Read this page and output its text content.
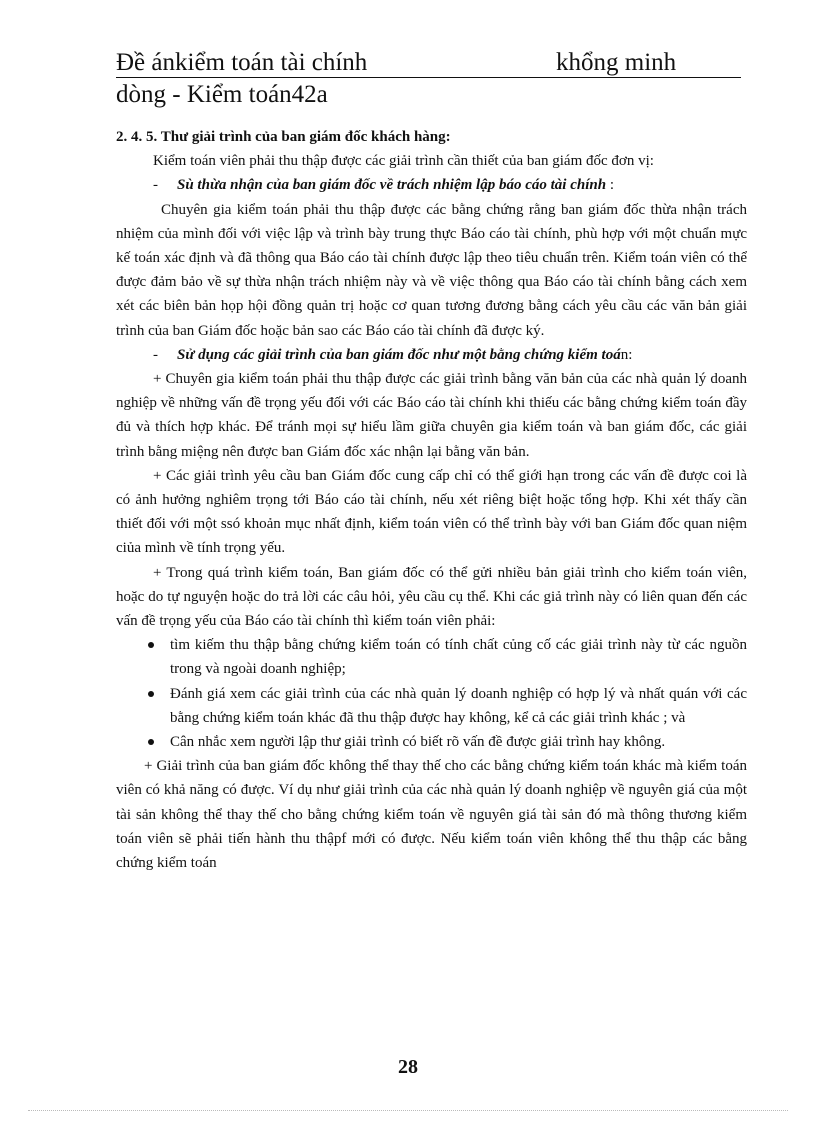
Đề ánkiểm toán tài chính	khổng minh
dòng - Kiểm toán42a

2. 4. 5. Thư giải trình của ban giám đốc khách hàng:

Kiểm toán viên phải thu thập được các giải trình cần thiết của ban giám đốc đơn vị:

- Sù thừa nhận của ban giám đốc về trách nhiệm lập báo cáo tài chính :

Chuyên gia kiểm toán phải thu thập được các bằng chứng rằng ban giám đốc thừa nhận trách nhiệm của mình đối với việc lập và trình bày trung thực Báo cáo tài chính, phù hợp với một chuẩn mực kế toán xác định và đã thông qua Báo cáo tài chính được lập theo tiêu chuẩn trên. Kiểm toán viên có thể được đảm bảo về sự thừa nhận trách nhiệm này và về việc thông qua Báo cáo tài chính bằng cách xem xét các biên bản họp hội đồng quản trị hoặc cơ quan tương đương bằng cách yêu cầu các văn bản giải trình của ban Giám đốc hoặc bản sao các Báo cáo tài chính đã được ký.

- Sử dụng các giải trình của ban giám đốc như một bằng chứng kiểm toán:

+ Chuyên gia kiểm toán phải thu thập được các giải trình bằng văn bản của các nhà quản lý doanh nghiệp về những vấn đề trọng yếu đối với các Báo cáo tài chính khi thiếu các bằng chứng kiểm toán đầy đủ và thích hợp khác. Để tránh mọi sự hiểu lầm giữa chuyên gia kiểm toán và ban giám đốc, các giải trình bằng miệng nên được ban Giám đốc xác nhận lại bằng văn bản.

+ Các giải trình yêu cầu ban Giám đốc cung cấp chỉ có thể giới hạn trong các vấn đề được coi là có ảnh hưởng nghiêm trọng tới Báo cáo tài chính, nếu xét riêng biệt hoặc tổng hợp. Khi xét thấy cần thiết đối với một ssó khoản mục nhất định, kiểm toán viên có thể trình bày với ban Giám đốc quan niệm ciủa mình về tính trọng yếu.

+ Trong quá trình kiểm toán, Ban giám đốc có thể gửi nhiều bản giải trình cho kiểm toán viên, hoặc do tự nguyện hoặc do trả lời các câu hỏi, yêu cầu cụ thể. Khi các giả trình này có liên quan đến các vấn đề trọng yếu của Báo cáo tài chính thì kiểm toán viên phải:

tìm kiếm thu thập bằng chứng kiểm toán có tính chất củng cố các giải trình này từ các nguồn trong và ngoài doanh nghiệp;
Đánh giá xem các giải trình của các nhà quản lý doanh nghiệp có hợp lý và nhất quán với các bằng chứng kiểm toán khác đã thu thập được hay không, kể cả các giải trình khác ; và
Cân nhắc xem người lập thư giải trình có biết rõ vấn đề được giải trình hay không.

+ Giải trình của ban giám đốc không thể thay thế cho các bằng chứng kiểm toán khác mà kiểm toán viên có khả năng có được. Ví dụ như giải trình của các nhà quản lý doanh nghiệp về nguyên giá của một tài sản không thể thay thế cho bằng chứng kiểm toán về nguyên giá tài sản đó mà thông thương kiểm toán viên sẽ phải tiến hành thu thậpf mới có được. Nếu kiểm toán viên không thể thu thập các bằng chứng kiểm toán

28
